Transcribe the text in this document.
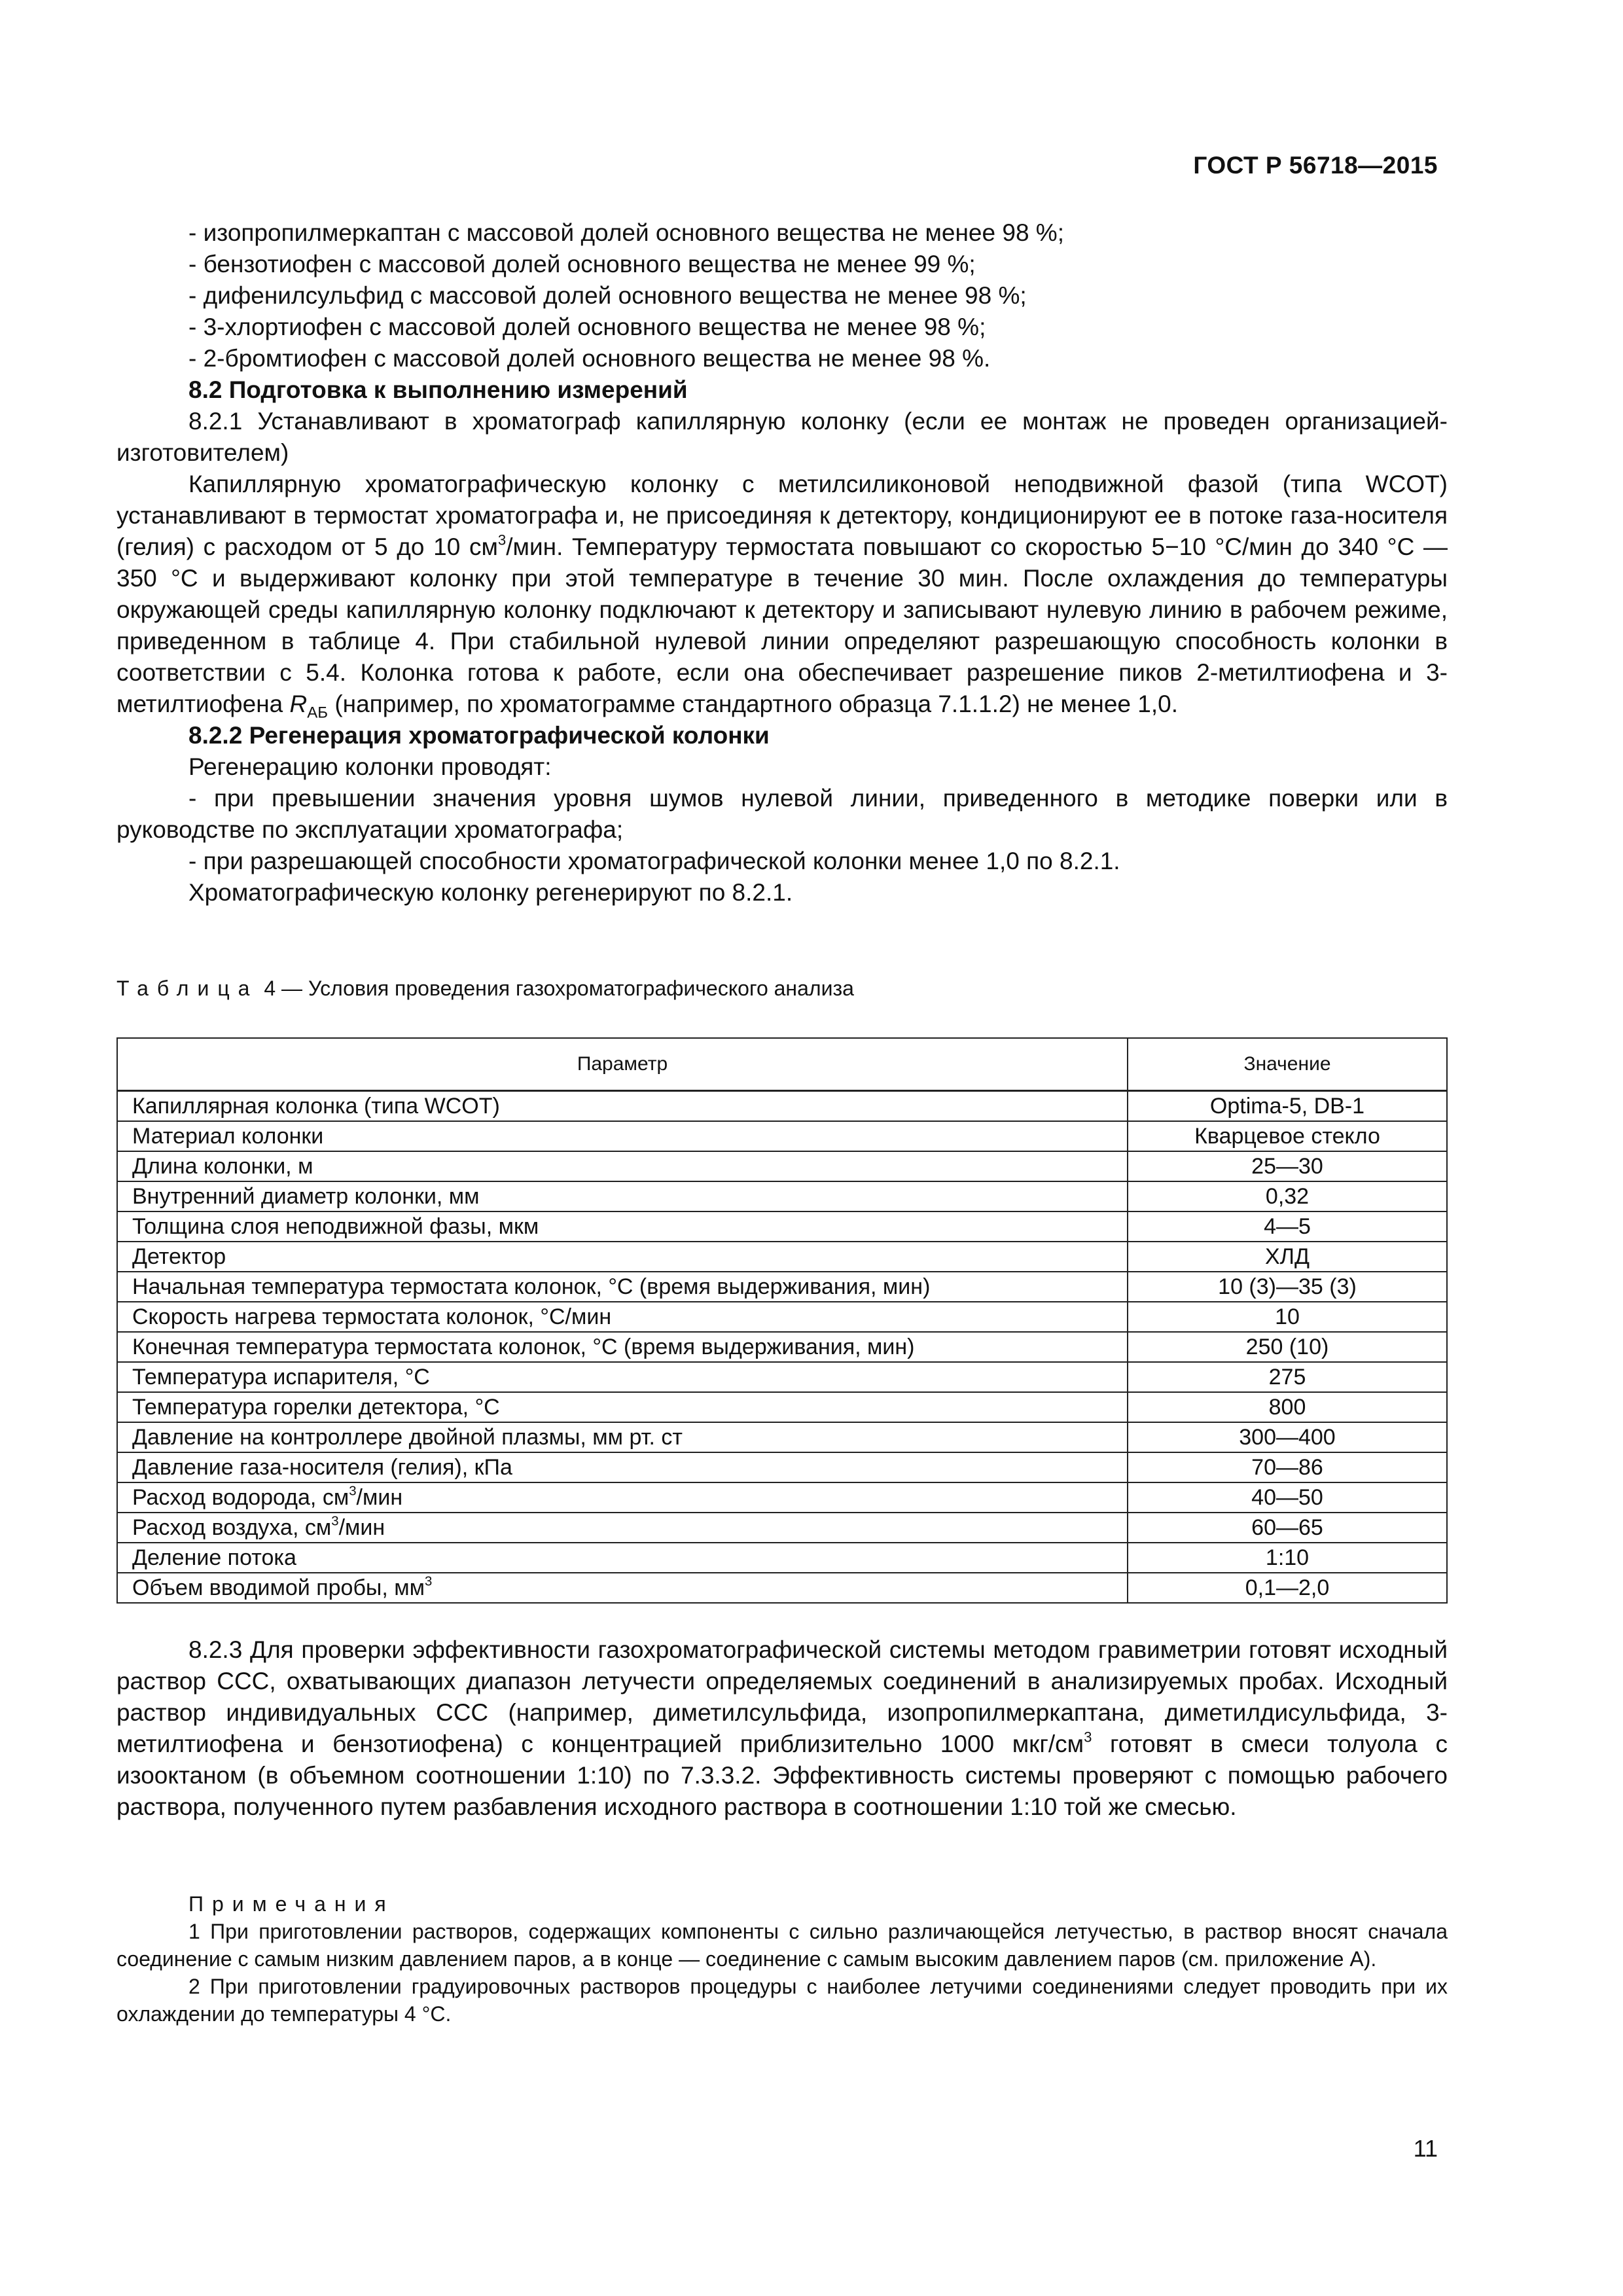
ГОСТ Р 56718—2015

- изопропилмеркаптан с массовой долей основного вещества не менее 98 %;

- бензотиофен с массовой долей основного вещества не менее 99 %;

- дифенилсульфид с массовой долей основного вещества не менее 98 %;

- 3-хлортиофен с массовой долей основного вещества не менее 98 %;

- 2-бромтиофен с массовой долей основного вещества не менее 98 %.

8.2 Подготовка к выполнению измерений

8.2.1 Устанавливают в хроматограф капиллярную колонку (если ее монтаж не проведен организацией-изготовителем)

Капиллярную хроматографическую колонку с метилсиликоновой неподвижной фазой (типа WCOT) устанавливают в термостат хроматографа и, не присоединяя к детектору, кондиционируют ее в потоке газа-носителя (гелия) с расходом от 5 до 10 $см^3$/мин. Температуру термостата повышают со скоростью 5−10 °С/мин до 340 °С — 350 °С и выдерживают колонку при этой температуре в течение 30 мин. После охлаждения до температуры окружающей среды капиллярную колонку подключают к детектору и записывают нулевую линию в рабочем режиме, приведенном в таблице 4. При стабильной нулевой линии определяют разрешающую способность колонки в соответствии с 5.4. Колонка готова к работе, если она обеспечивает разрешение пиков 2-метилтиофена и 3-метилтиофена $R_{АБ}$ (например, по хроматограмме стандартного образца 7.1.1.2) не менее 1,0.

8.2.2 Регенерация хроматографической колонки

Регенерацию колонки проводят:

- при превышении значения уровня шумов нулевой линии, приведенного в методике поверки или в руководстве по эксплуатации хроматографа;

- при разрешающей способности хроматографической колонки менее 1,0 по 8.2.1.

Хроматографическую колонку регенерируют по 8.2.1.

Таблица 4 — Условия проведения газохроматографического анализа
Параметр	Значение
Капиллярная колонка (типа WCOT)	Optima-5, DB-1
Материал колонки	Кварцевое стекло
Длина колонки, м	25—30
Внутренний диаметр колонки, мм	0,32
Толщина слоя неподвижной фазы, мкм	4—5
Детектор	ХЛД
Начальная температура термостата колонок, °С (время выдерживания, мин)	10 (3)—35 (3)
Скорость нагрева термостата колонок, °С/мин	10
Конечная температура термостата колонок, °С (время выдерживания, мин)	250 (10)
Температура испарителя, °С	275
Температура горелки детектора, °С	800
Давление на контроллере двойной плазмы, мм рт. ст	300—400
Давление газа-носителя (гелия), кПа	70—86
Расход водорода, $см^3$/мин	40—50
Расход воздуха, $см^3$/мин	60—65
Деление потока	1:10
Объем вводимой пробы, $мм^3$	0,1—2,0

8.2.3 Для проверки эффективности газохроматографической системы методом гравиметрии готовят исходный раствор ССС, охватывающих диапазон летучести определяемых соединений в анализируемых пробах. Исходный раствор индивидуальных ССС (например, диметилсульфида, изопропилмеркаптана, диметилдисульфида, 3-метилтиофена и бензотиофена) с концентрацией приблизительно 1000 мкг/$см^3$ готовят в смеси толуола с изооктаном (в объемном соотношении 1:10) по 7.3.3.2. Эффективность системы проверяют с помощью рабочего раствора, полученного путем разбавления исходного раствора в соотношении 1:10 той же смесью.

Примечания

1 При приготовлении растворов, содержащих компоненты с сильно различающейся летучестью, в раствор вносят сначала соединение с самым низким давлением паров, а в конце — соединение с самым высоким давлением паров (см. приложение А).

2 При приготовлении градуировочных растворов процедуры с наиболее летучими соединениями следует проводить при их охлаждении до температуры 4 °С.

11
